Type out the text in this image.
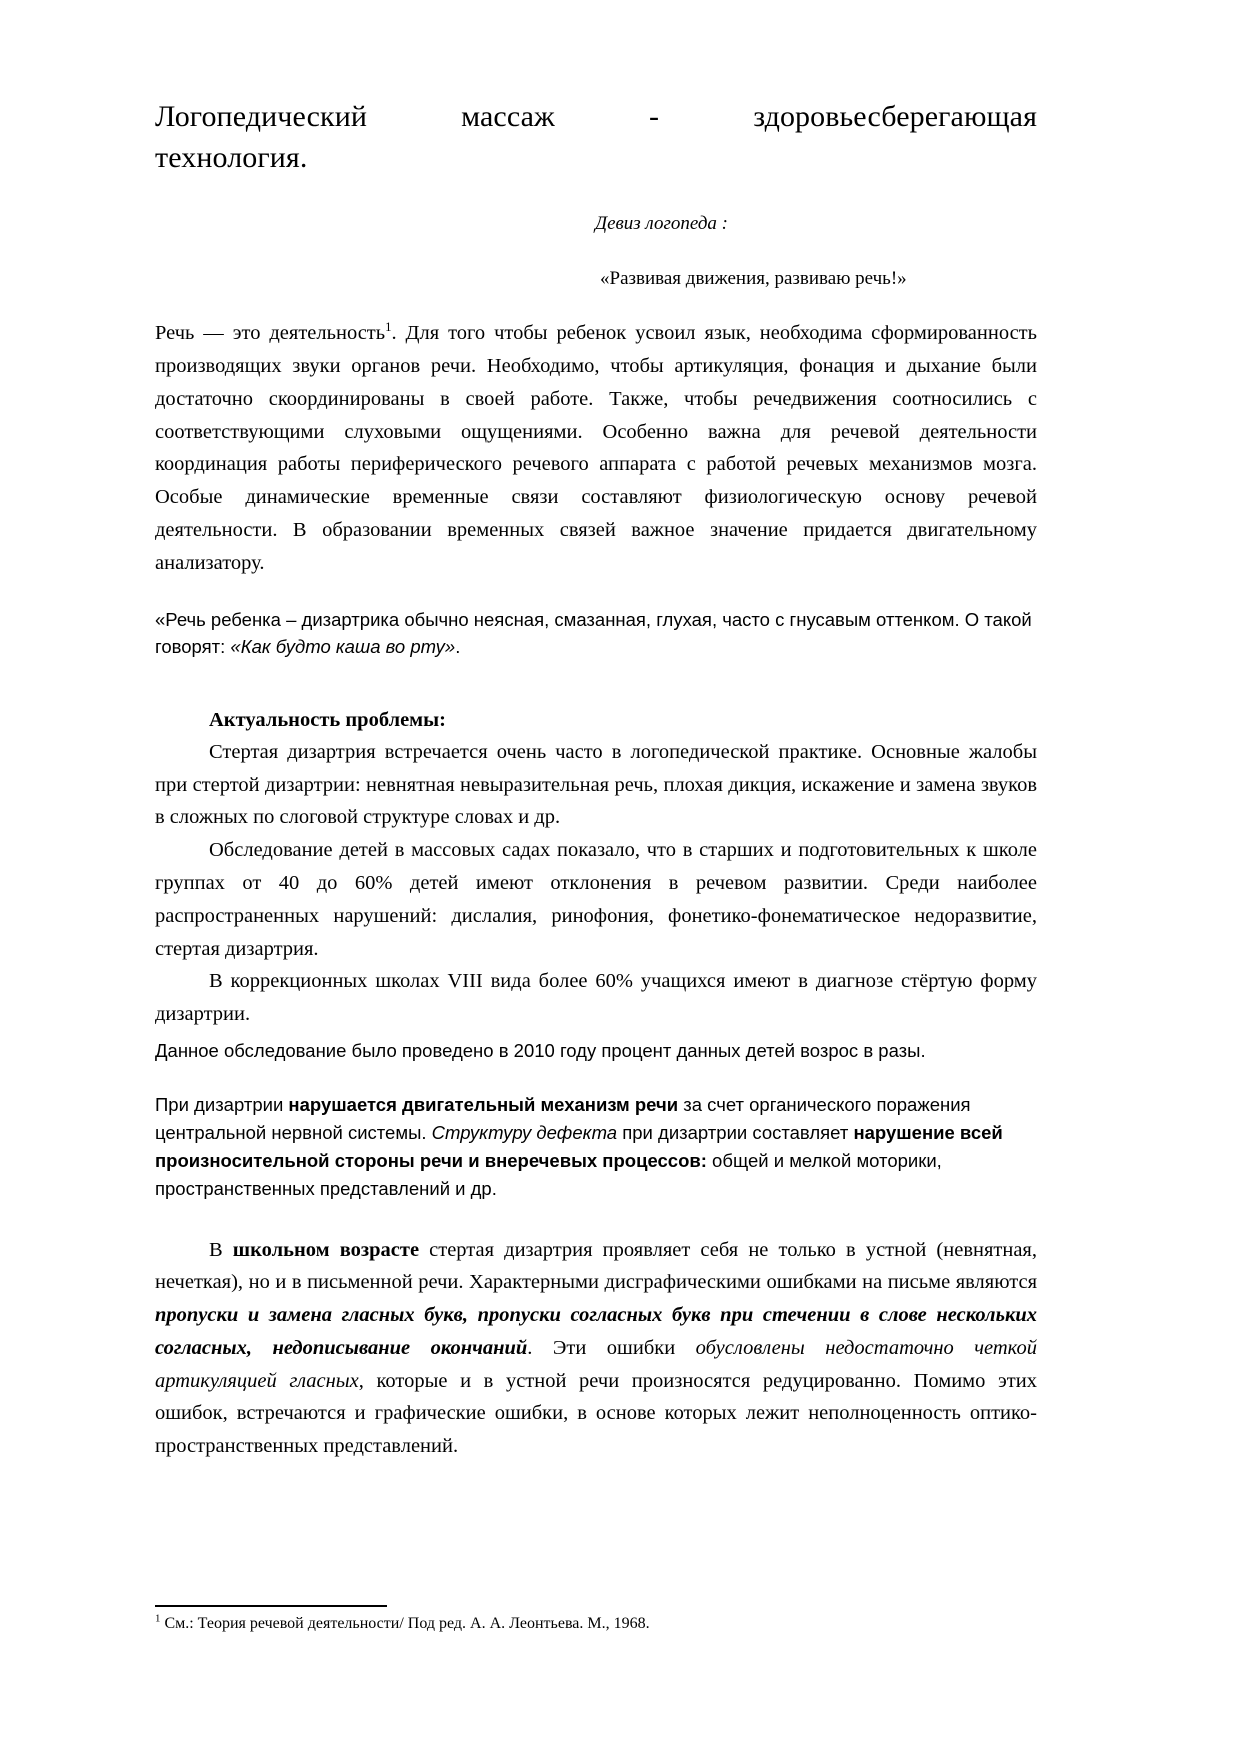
Логопедический массаж - здоровьесберегающая
технология.

Девиз логопеда :

«Развивая движения, развиваю речь!»

Речь — это деятельность$^1$. Для того чтобы ребенок усвоил язык, необходима сформированность производящих звуки органов речи. Необходимо, чтобы артикуляция, фонация и дыхание были достаточно скоординированы в своей работе. Также, чтобы речедвижения соотносились с соответствующими слуховыми ощущениями. Особенно важна для речевой деятельности координация работы периферического речевого аппарата с работой речевых механизмов мозга. Особые динамические временные связи составляют физиологическую основу речевой деятельности. В образовании временных связей важное значение придается двигательному анализатору.

«Речь ребенка – дизартрика обычно неясная, смазанная, глухая, часто с гнусавым оттенком. О такой говорят: «Как будто каша во рту».

Актуальность проблемы:

Стертая дизартрия встречается очень часто в логопедической практике. Основные жалобы при стертой дизартрии: невнятная невыразительная речь, плохая дикция, искажение и замена звуков в сложных по слоговой структуре словах и др.

Обследование детей в массовых садах показало, что в старших и подготовительных к школе группах от 40 до 60% детей имеют отклонения в речевом развитии. Среди наиболее распространенных нарушений: дислалия, ринофония, фонетико-фонематическое недоразвитие, стертая дизартрия.

В коррекционных школах VIII вида более 60% учащихся имеют в диагнозе стёртую форму дизартрии.

Данное обследование было проведено в 2010 году процент данных детей возрос в разы.

При дизартрии нарушается двигательный механизм речи за счет органического поражения центральной нервной системы. Структуру дефекта при дизартрии составляет нарушение всей произносительной стороны речи и внеречевых процессов: общей и мелкой моторики, пространственных представлений и др.

В школьном возрасте стертая дизартрия проявляет себя не только в устной (невнятная, нечеткая), но и в письменной речи. Характерными дисграфическими ошибками на письме являются пропуски и замена гласных букв, пропуски согласных букв при стечении в слове нескольких согласных, недописывание окончаний. Эти ошибки обусловлены недостаточно четкой артикуляцией гласных, которые и в устной речи произносятся редуцированно. Помимо этих ошибок, встречаются и графические ошибки, в основе которых лежит неполноценность оптико-пространственных представлений.

$^1$ См.: Теория речевой деятельности/ Под ред. А. А. Леонтьева. М., 1968.
